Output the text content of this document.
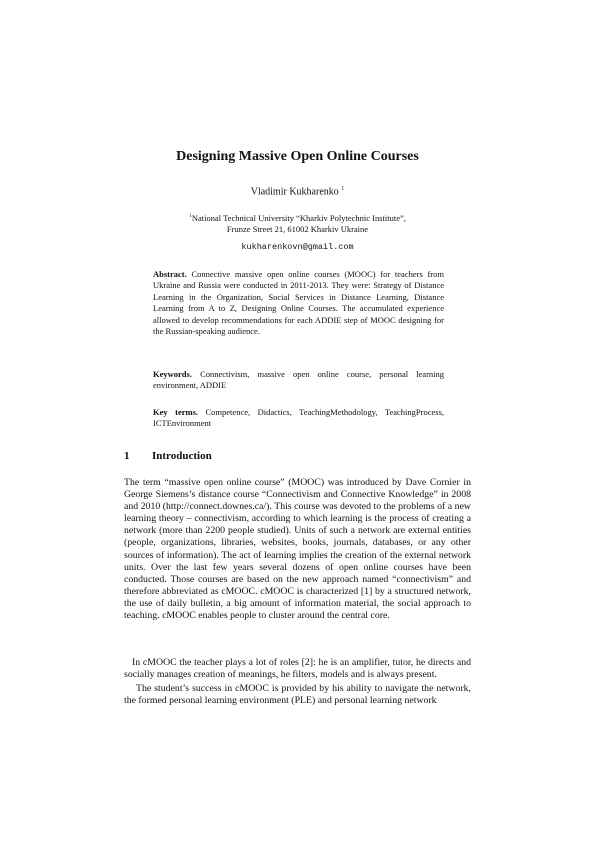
Designing Massive Open Online Courses
Vladimir Kukharenko $^1$
$^1$National Technical University “Kharkiv Polytechnic Institute”,
Frunze Street 21, 61002 Kharkiv Ukraine
kukharenkovn@gmail.com
Abstract. Connective massive open online courses (MOOC) for teachers from Ukraine and Russia were conducted in 2011-2013. They were: Strategy of Distance Learning in the Organization, Social Services in Distance Learning, Distance Learning from A to Z, Designing Online Courses. The accumulated experience allowed to develop recommendations for each ADDIE step of MOOC designing for the Russian-speaking audience.
Keywords. Connectivism, massive open online course, personal learning environment, ADDIE
Key terms. Competence, Didactics, TeachingMethodology, TeachingProcess, ICTEnvironment
1 Introduction
The term “massive open online course” (MOOC) was introduced by Dave Cornier in George Siemens’s distance course “Connectivism and Connective Knowledge” in 2008 and 2010 (http://connect.downes.ca/). This course was devoted to the problems of a new learning theory – connectivism, according to which learning is the process of creating a network (more than 2200 people studied). Units of such a network are external entities (people, organizations, libraries, websites, books, journals, databases, or any other sources of information). The act of learning implies the creation of the external network units. Over the last few years several dozens of open online courses have been conducted. Those courses are based on the new approach named “connectivism” and therefore abbreviated as cMOOC. cMOOC is characterized [1] by a structured network, the use of daily bulletin, a big amount of information material, the social approach to teaching. cMOOC enables people to cluster around the central core.
In cMOOC the teacher plays a lot of roles [2]: he is an amplifier, tutor, he directs and socially manages creation of meanings, he filters, models and is always present.
The student’s success in cMOOC is provided by his ability to navigate the network, the formed personal learning environment (PLE) and personal learning network
